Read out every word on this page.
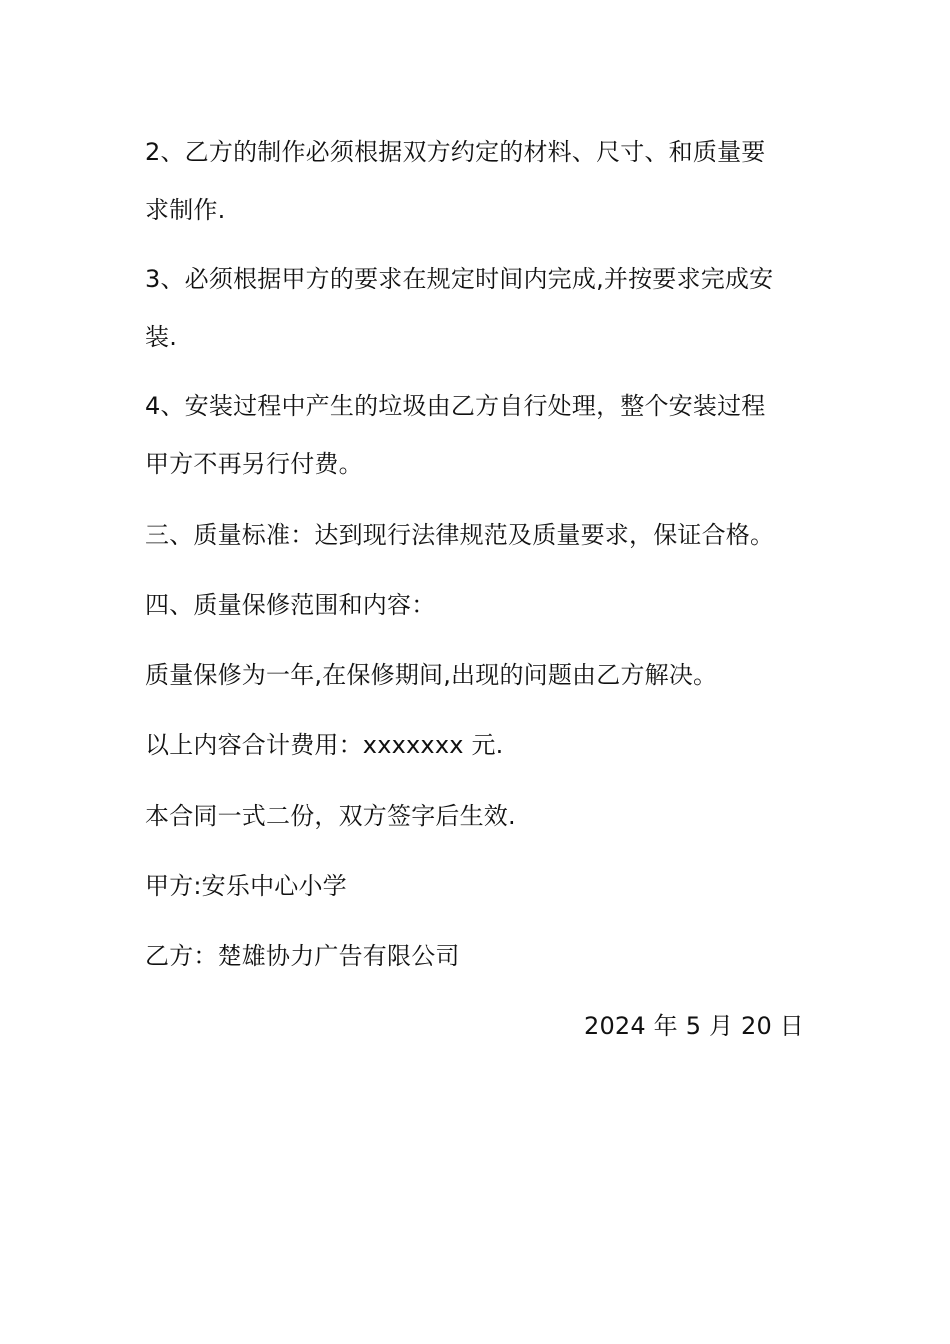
2、乙方的制作必须根据双方约定的材料、尺寸、和质量要
求制作.
3、必须根据甲方的要求在规定时间内完成,并按要求完成安
装.
4、安装过程中产生的垃圾由乙方自行处理，整个安装过程
甲方不再另行付费。
三、质量标准：达到现行法律规范及质量要求，保证合格。
四、质量保修范围和内容：
质量保修为一年,在保修期间,出现的问题由乙方解决。
以上内容合计费用：xxxxxxx 元.
本合同一式二份，双方签字后生效.
甲方:安乐中心小学
乙方：楚雄协力广告有限公司
2024 年 5 月 20 日
